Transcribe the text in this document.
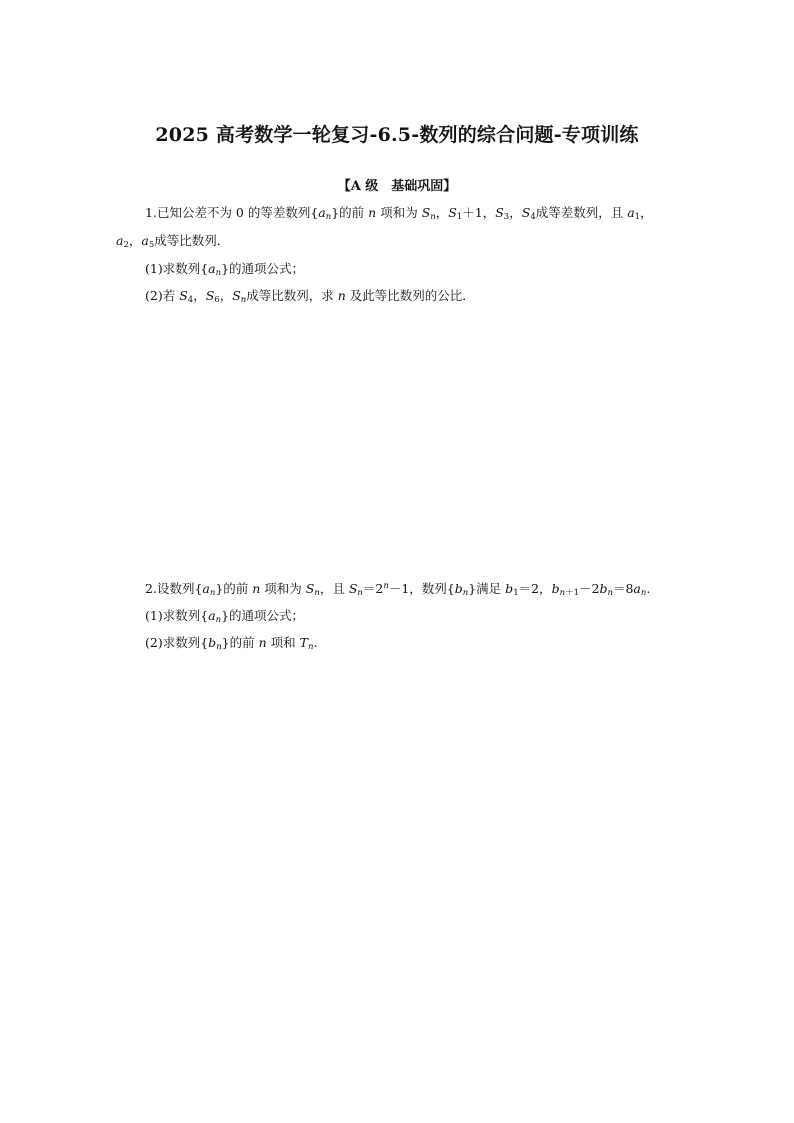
2025 高考数学一轮复习-6.5-数列的综合问题-专项训练
【A 级　基础巩固】
1.已知公差不为 0 的等差数列$\{a_n\}$的前 n 项和为 $S_n$，$S_1+1$，$S_3$，$S_4$成等差数列，且 $a_1$，
$a_2$，$a_5$成等比数列．
(1)求数列$\{a_n\}$的通项公式；
(2)若 $S_4$，$S_6$，$S_n$成等比数列，求 n 及此等比数列的公比．
2.设数列$\{a_n\}$的前 n 项和为 $S_n$，且 $S_n=2^n-1$，数列$\{b_n\}$满足 $b_1=2$，$b_{n+1}-2b_n=8a_n$.
(1)求数列$\{a_n\}$的通项公式；
(2)求数列$\{b_n\}$的前 n 项和 $T_n$.
